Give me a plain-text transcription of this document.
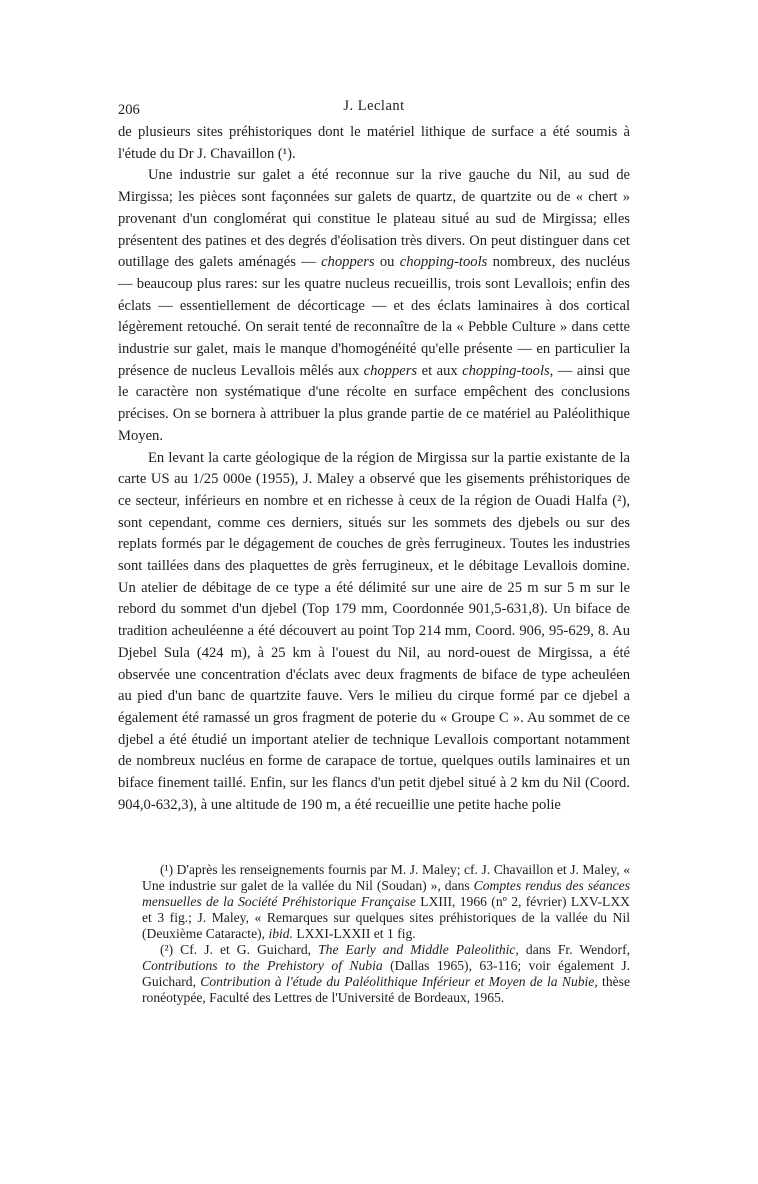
206	J. Leclant

de plusieurs sites préhistoriques dont le matériel lithique de surface a été soumis à l'étude du Dr J. Chavaillon (¹).

Une industrie sur galet a été reconnue sur la rive gauche du Nil, au sud de Mirgissa; les pièces sont façonnées sur galets de quartz, de quartzite ou de « chert » provenant d'un conglomérat qui constitue le plateau situé au sud de Mirgissa; elles présentent des patines et des degrés d'éolisation très divers. On peut distinguer dans cet outillage des galets aménagés — choppers ou chopping-tools nombreux, des nucléus — beaucoup plus rares: sur les quatre nucleus recueillis, trois sont Levallois; enfin des éclats — essentiellement de décorticage — et des éclats laminaires à dos cortical légèrement retouché. On serait tenté de reconnaître de la « Pebble Culture » dans cette industrie sur galet, mais le manque d'homogénéité qu'elle présente — en particulier la présence de nucleus Levallois mêlés aux choppers et aux chopping-tools, — ainsi que le caractère non systématique d'une récolte en surface empêchent des conclusions précises. On se bornera à attribuer la plus grande partie de ce matériel au Paléolithique Moyen.

En levant la carte géologique de la région de Mirgissa sur la partie existante de la carte US au 1/25 000e (1955), J. Maley a observé que les gisements préhistoriques de ce secteur, inférieurs en nombre et en richesse à ceux de la région de Ouadi Halfa (²), sont cependant, comme ces derniers, situés sur les sommets des djebels ou sur des replats formés par le dégagement de couches de grès ferrugineux. Toutes les industries sont taillées dans des plaquettes de grès ferrugineux, et le débitage Levallois domine. Un atelier de débitage de ce type a été délimité sur une aire de 25 m sur 5 m sur le rebord du sommet d'un djebel (Top 179 mm, Coordonnée 901,5-631,8). Un biface de tradition acheuléenne a été découvert au point Top 214 mm, Coord. 906, 95-629, 8. Au Djebel Sula (424 m), à 25 km à l'ouest du Nil, au nord-ouest de Mirgissa, a été observée une concentration d'éclats avec deux fragments de biface de type acheuléen au pied d'un banc de quartzite fauve. Vers le milieu du cirque formé par ce djebel a également été ramassé un gros fragment de poterie du « Groupe C ». Au sommet de ce djebel a été étudié un important atelier de technique Levallois comportant notamment de nombreux nucléus en forme de carapace de tortue, quelques outils laminaires et un biface finement taillé. Enfin, sur les flancs d'un petit djebel situé à 2 km du Nil (Coord. 904,0-632,3), à une altitude de 190 m, a été recueillie une petite hache polie

(¹) D'après les renseignements fournis par M. J. Maley; cf. J. Chavaillon et J. Maley, « Une industrie sur galet de la vallée du Nil (Soudan) », dans Comptes rendus des séances mensuelles de la Société Préhistorique Française LXIII, 1966 (nº 2, février) LXV-LXX et 3 fig.; J. Maley, « Remarques sur quelques sites préhistoriques de la vallée du Nil (Deuxième Cataracte), ibid. LXXI-LXXII et 1 fig.

(²) Cf. J. et G. Guichard, The Early and Middle Paleolithic, dans Fr. Wendorf, Contributions to the Prehistory of Nubia (Dallas 1965), 63-116; voir également J. Guichard, Contribution à l'étude du Paléolithique Inférieur et Moyen de la Nubie, thèse ronéotypée, Faculté des Lettres de l'Université de Bordeaux, 1965.
